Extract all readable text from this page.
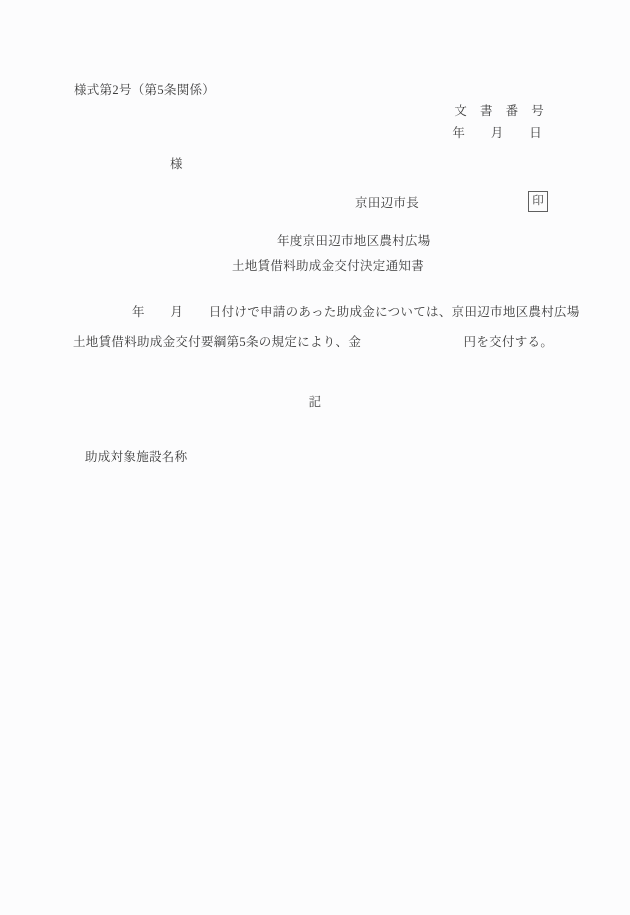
様式第2号（第5条関係）
文　書　番　号
年　　月　　日
様
京田辺市長	印
年度京田辺市地区農村広場
土地賃借料助成金交付決定通知書
年　　月　　日付けで申請のあった助成金については、京田辺市地区農村広場
土地賃借料助成金交付要綱第5条の規定により、金　　　　　　　　円を交付する。
記
助成対象施設名称
